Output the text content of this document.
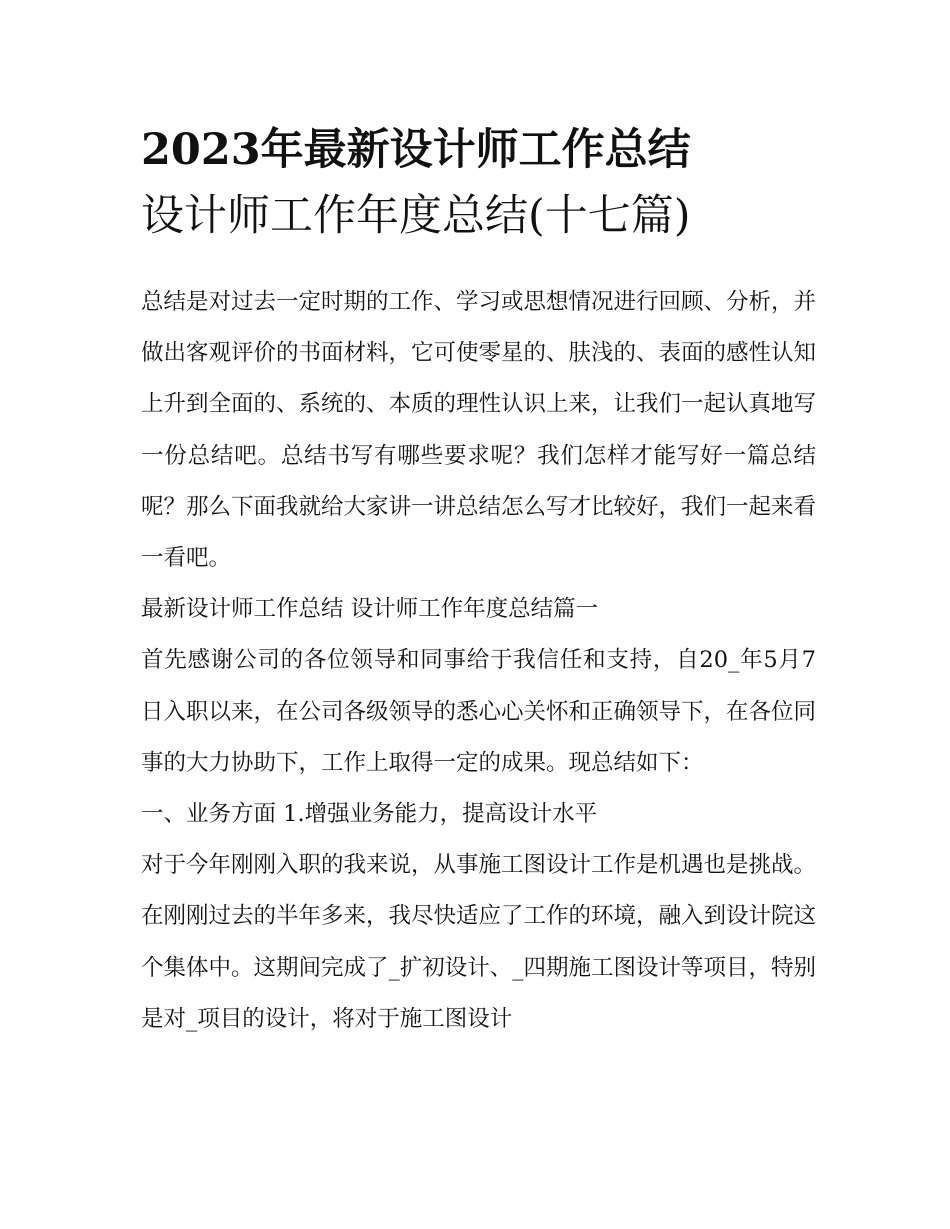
2023年最新设计师工作总结
设计师工作年度总结(十七篇)

总结是对过去一定时期的工作、学习或思想情况进行回顾、分析，并做出客观评价的书面材料，它可使零星的、肤浅的、表面的感性认知上升到全面的、系统的、本质的理性认识上来，让我们一起认真地写一份总结吧。总结书写有哪些要求呢？我们怎样才能写好一篇总结呢？那么下面我就给大家讲一讲总结怎么写才比较好，我们一起来看一看吧。

最新设计师工作总结 设计师工作年度总结篇一

首先感谢公司的各位领导和同事给于我信任和支持，自20_年5月7日入职以来，在公司各级领导的悉心心关怀和正确领导下，在各位同事的大力协助下，工作上取得一定的成果。现总结如下：

一、业务方面 1.增强业务能力，提高设计水平

对于今年刚刚入职的我来说，从事施工图设计工作是机遇也是挑战。在刚刚过去的半年多来，我尽快适应了工作的环境，融入到设计院这个集体中。这期间完成了_扩初设计、_四期施工图设计等项目，特别是对_项目的设计，将对于施工图设计
